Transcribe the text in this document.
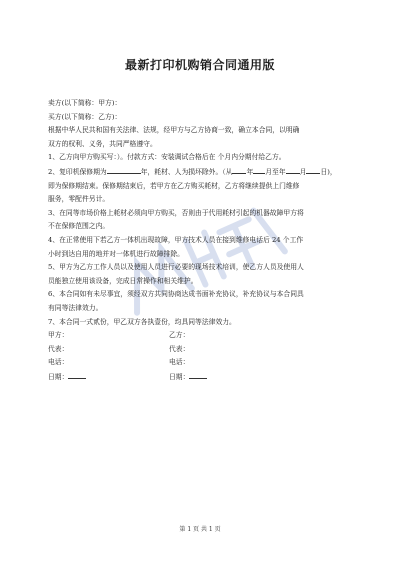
最新打印机购销合同通用版
卖方(以下简称：甲方)：
买方(以下简称：乙方)：
根据中华人民共和国有关法律、法规，经甲方与乙方协商一致，确立本合同，以明确
双方的权利、义务，共同严格遵守。
1、乙方向甲方购买写：）。付款方式：安装调试合格后在 个月内分期付给乙方。
2、复印机保修期为	年，耗材、人为损坏除外。（从 年 月至年 月 日)，
即为保修期结束。保修期结束后，若甲方在乙方购买耗材，乙方将继续提供上门维修
服务，零配件另计。
3、在同等市场价格上耗材必须向甲方购买，否则由于代用耗材引起的机器故障甲方将
不在保修范围之内。
4、在正常使用下若乙方一体机出现故障，甲方技术人员在接到维修电话后 24 个工作
小时到达自用的地并对一体机进行故障排除。
5、甲方为乙方工作人员以及使用人员进行必要的现场技术培训，使乙方人员及使用人
员能独立使用该设备，完成日常操作和相关维护。
6、本合同如有未尽事宜，须经双方共同协商达成书面补充协议，补充协议与本合同具
有同等法律效力。
7、本合同一式贰份，甲乙双方各执壹份，均具同等法律效力。
甲方：	乙方：
代表：	代表：
电话：	电话：
日期：	日期：
第 1 页 共 1 页
